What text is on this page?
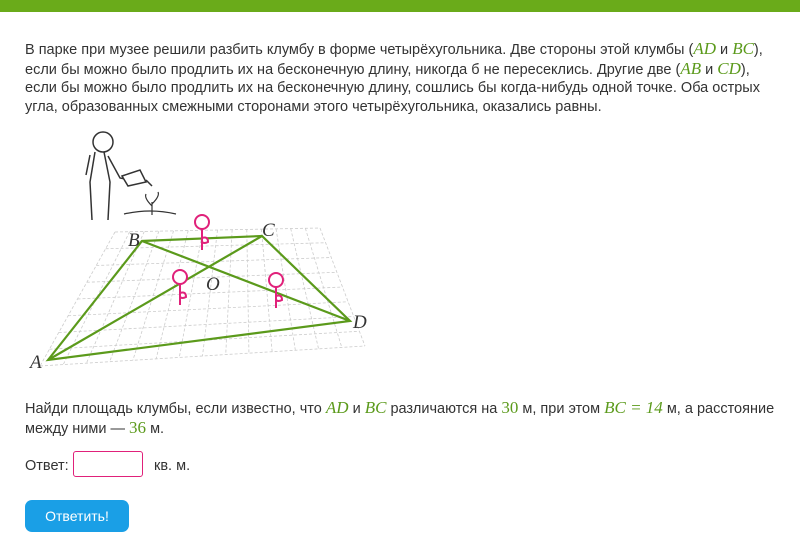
В парке при музее решили разбить клумбу в форме четырёхугольника. Две стороны этой клумбы (AD и BC), если бы можно было продлить их на бесконечную длину, никогда б не пересеклись. Другие две (AB и CD), если бы можно было продлить их на бесконечную длину, сошлись бы когда-нибудь одной точке. Оба острых угла, образованных смежными сторонами этого четырёхугольника, оказались равны.

A
B	C
D
O

Найди площадь клумбы, если известно, что AD и BC различаются на 30 м, при этом BC = 14 м, а расстояние между ними — 36 м.

Ответ:	кв. м.
Ответить!
